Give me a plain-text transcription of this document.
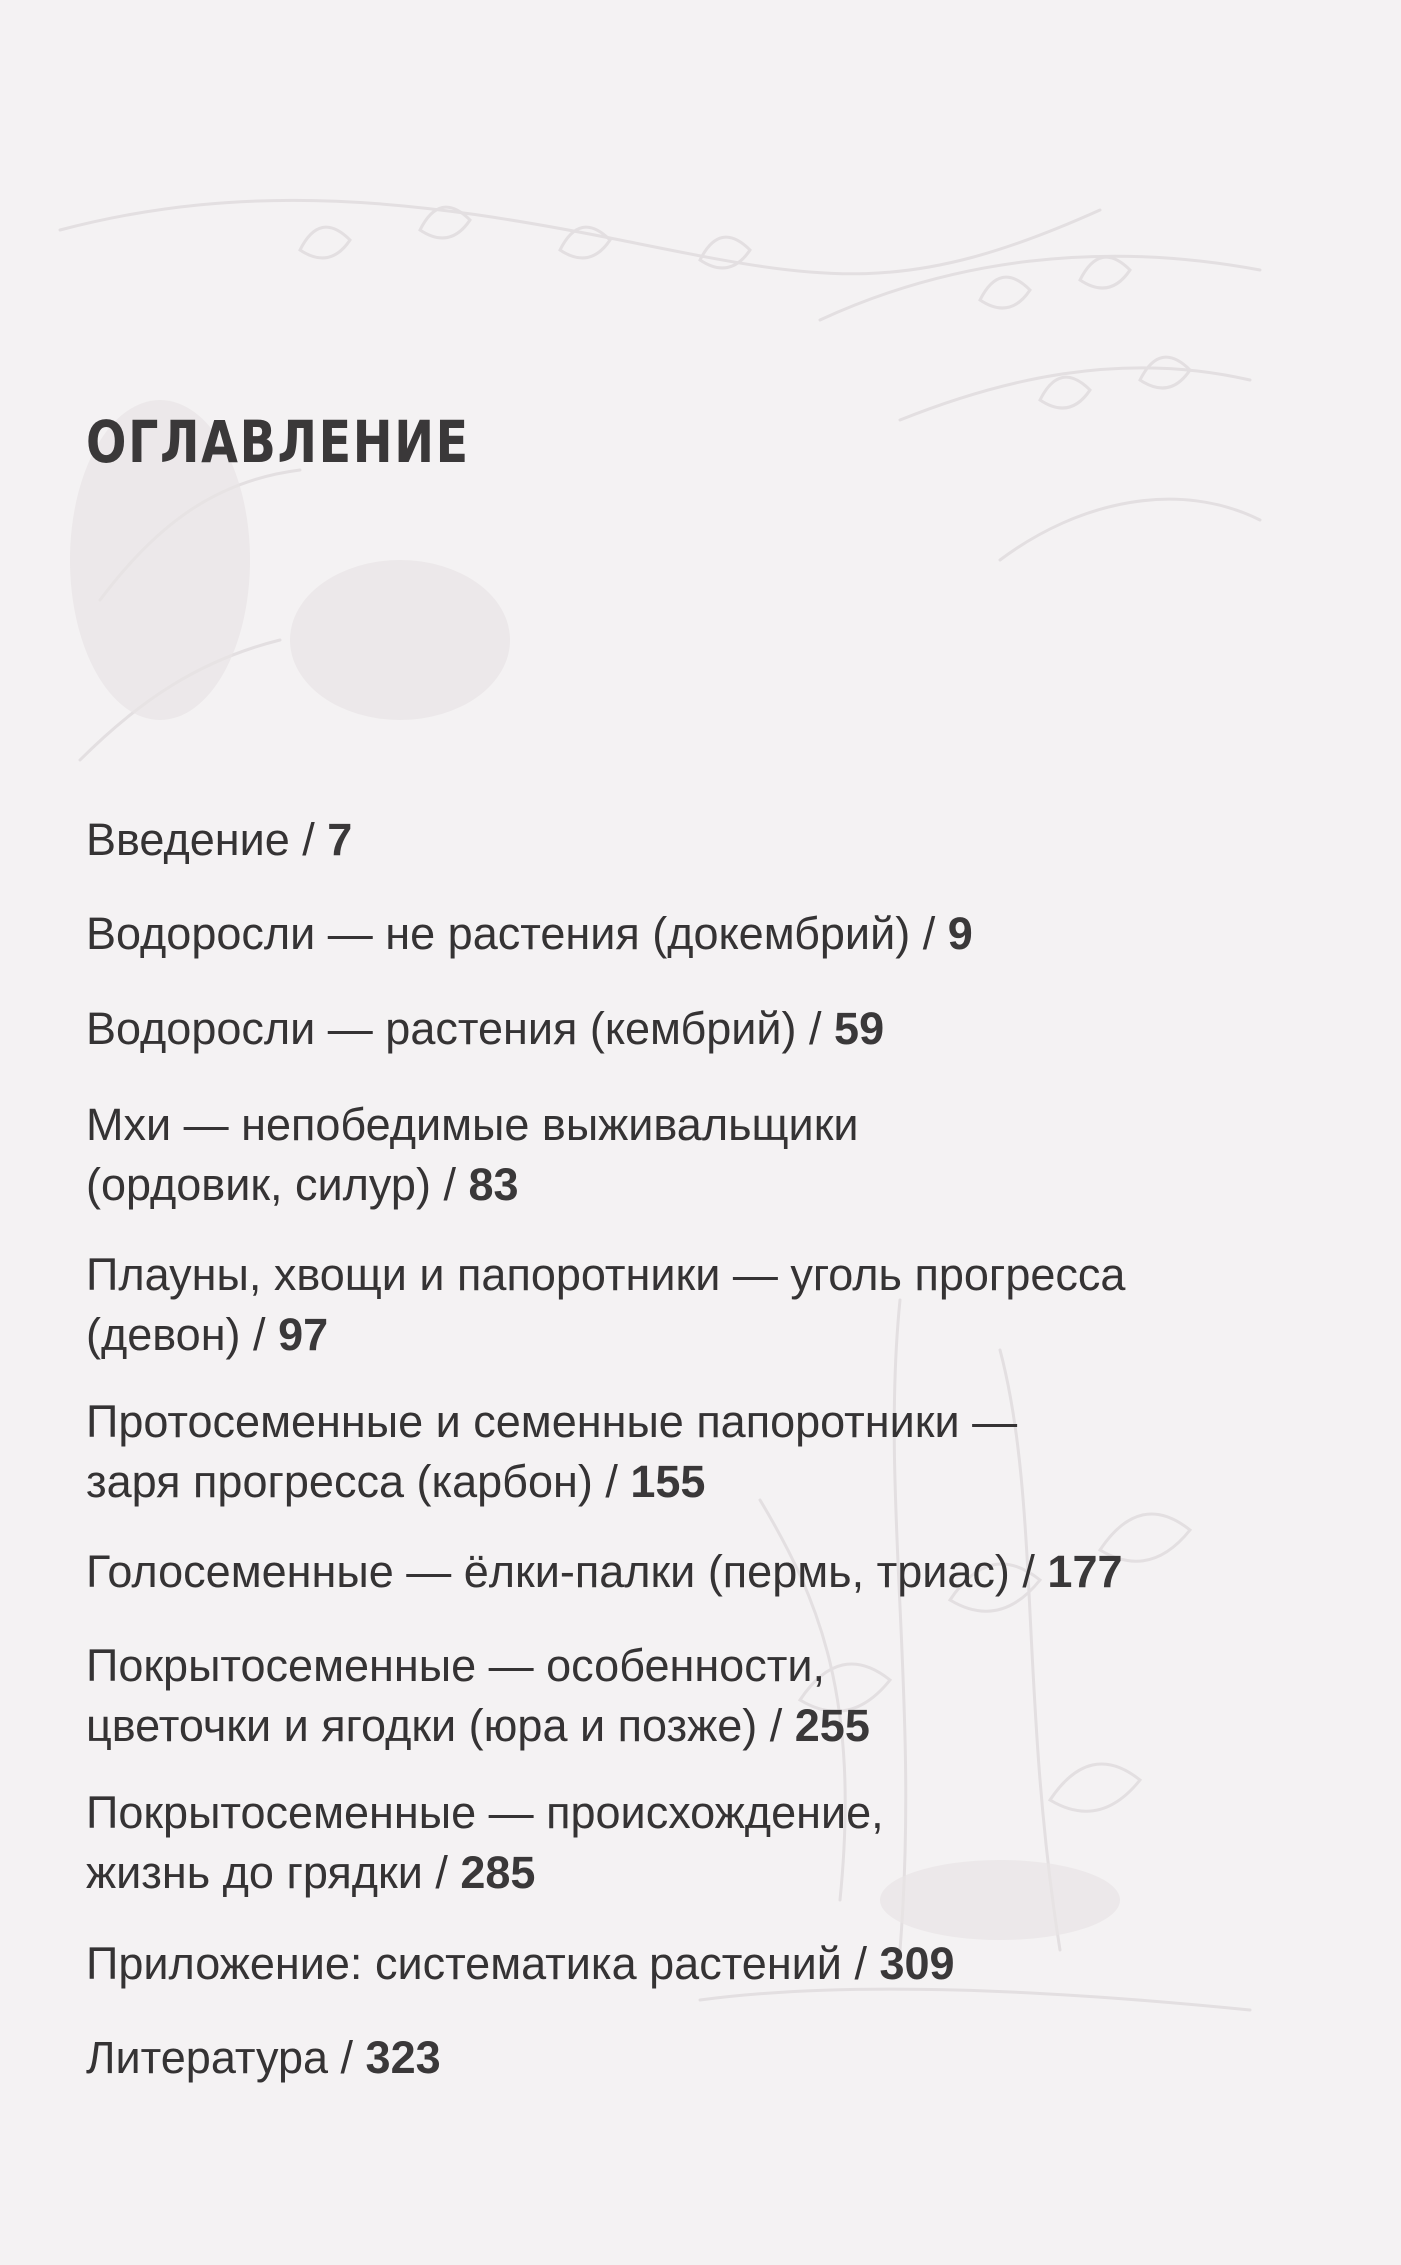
ОГЛАВЛЕНИЕ
Введение / 7
Водоросли — не растения (докембрий) / 9
Водоросли — растения (кембрий) / 59
Мхи — непобедимые выживальщики
(ордовик, силур) / 83
Плауны, хвощи и папоротники — уголь прогресса
(девон) / 97
Протосеменные и семенные папоротники —
заря прогресса (карбон) / 155
Голосеменные — ёлки-палки (пермь, триас) / 177
Покрытосеменные — особенности,
цветочки и ягодки (юра и позже) / 255
Покрытосеменные — происхождение,
жизнь до грядки / 285
Приложение: систематика растений / 309
Литература / 323
